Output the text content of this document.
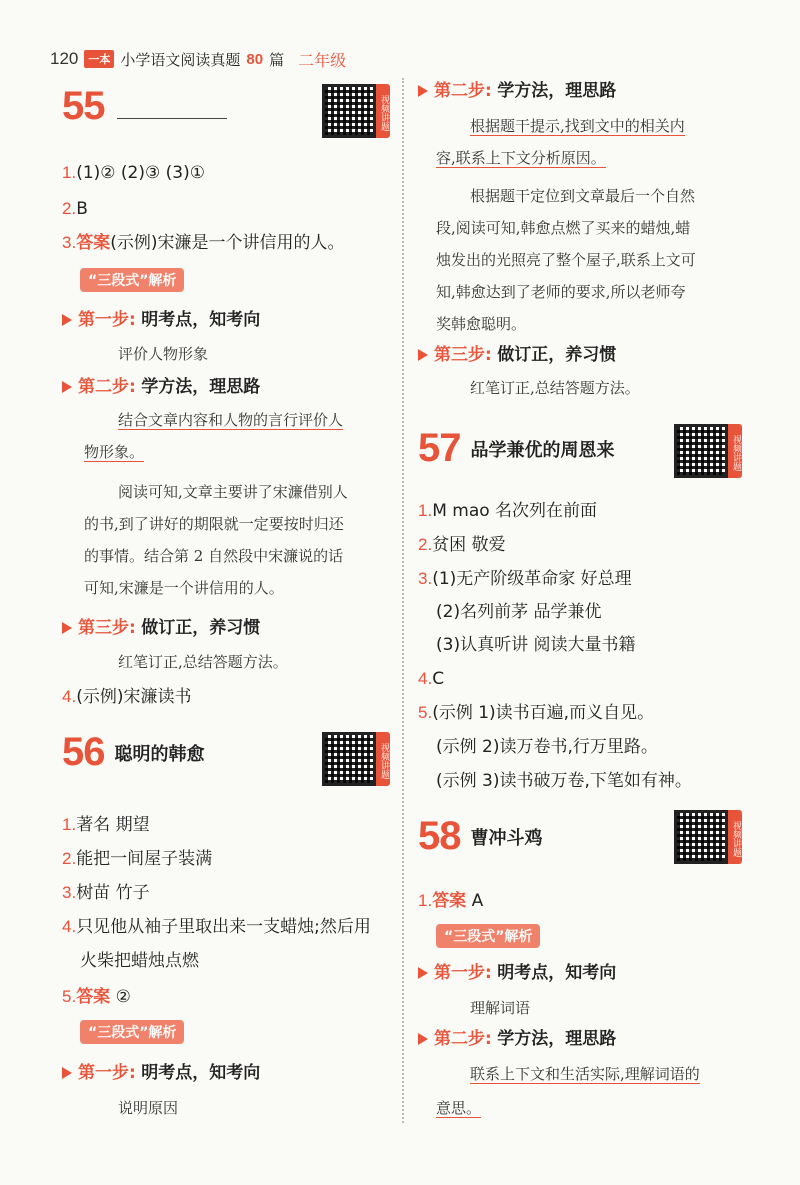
120 一本 小学语文阅读真题 80 篇 二年级
55	视频讲题
1.(1)② (2)③ (3)①
2.B
3.答案(示例)宋濂是一个讲信用的人。
“三段式”解析
第一步: 明考点，知考向
评价人物形象
第二步: 学方法，理思路
结合文章内容和人物的言行评价人
物形象。
阅读可知,文章主要讲了宋濂借别人
的书,到了讲好的期限就一定要按时归还
的事情。结合第 2 自然段中宋濂说的话
可知,宋濂是一个讲信用的人。
第三步: 做订正，养习惯
红笔订正,总结答题方法。
4.(示例)宋濂读书
56 聪明的韩愈	视频讲题
1.著名 期望
2.能把一间屋子装满
3.树苗 竹子
4.只见他从袖子里取出来一支蜡烛;然后用
火柴把蜡烛点燃
5.答案 ②
“三段式”解析
第一步: 明考点，知考向
说明原因
第二步: 学方法，理思路
根据题干提示,找到文中的相关内
容,联系上下文分析原因。
根据题干定位到文章最后一个自然
段,阅读可知,韩愈点燃了买来的蜡烛,蜡
烛发出的光照亮了整个屋子,联系上文可
知,韩愈达到了老师的要求,所以老师夸
奖韩愈聪明。
第三步: 做订正，养习惯
红笔订正,总结答题方法。
57 品学兼优的周恩来	视频讲题
1.M mao 名次列在前面
2.贫困 敬爱
3.(1)无产阶级革命家 好总理
(2)名列前茅 品学兼优
(3)认真听讲 阅读大量书籍
4.C
5.(示例 1)读书百遍,而义自见。
(示例 2)读万卷书,行万里路。
(示例 3)读书破万卷,下笔如有神。
58 曹冲斗鸡	视频讲题
1.答案 A
“三段式”解析
第一步: 明考点，知考向
理解词语
第二步: 学方法，理思路
联系上下文和生活实际,理解词语的
意思。
